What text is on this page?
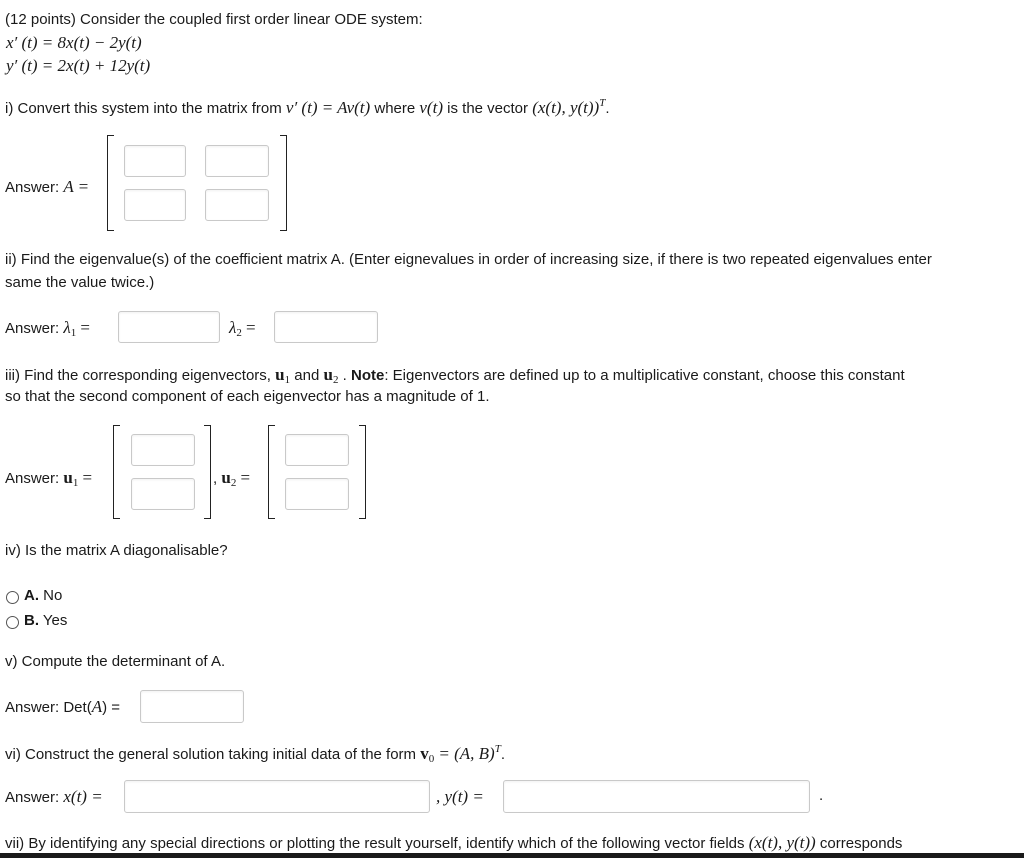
(12 points) Consider the coupled first order linear ODE system:
x′ (t) = 8x(t) − 2y(t)
y′ (t) = 2x(t) + 12y(t)
i) Convert this system into the matrix from v′ (t) = Av(t) where v(t) is the vector (x(t), y(t))$^T$.
Answer: A =
ii) Find the eigenvalue(s) of the coefficient matrix A. (Enter eignevalues in order of increasing size, if there is two repeated eigenvalues enter
same the value twice.)
Answer: $\lambda_1$ =	$\lambda_2$ =
iii) Find the corresponding eigenvectors, $u_1$ and $u_2$ . Note: Eigenvectors are defined up to a multiplicative constant, choose this constant
so that the second component of each eigenvector has a magnitude of 1.
Answer: $u_1$ =	, $u_2$ =
iv) Is the matrix A diagonalisable?
A. No
B. Yes
v) Compute the determinant of A.
Answer: Det(A) =
vi) Construct the general solution taking initial data of the form $v_0 = (A$, B)$^T$.
Answer: x(t) =	, y(t) =	.
vii) By identifying any special directions or plotting the result yourself, identify which of the following vector fields (x(t), y(t)) corresponds
